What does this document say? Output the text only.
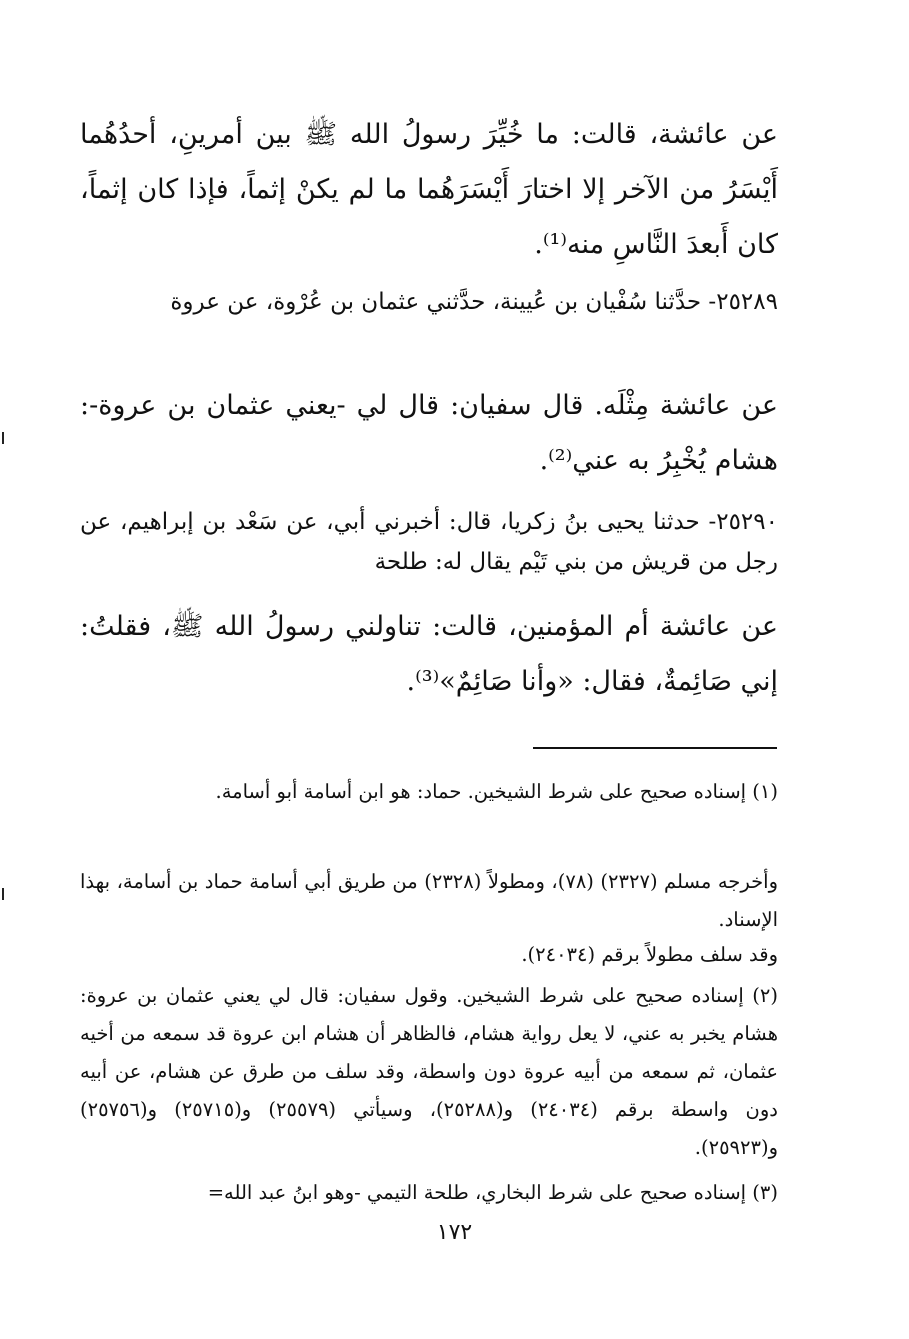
عن عائشة، قالت: ما خُيِّرَ رسولُ الله ﷺ بين أمرينِ، أحدُهُما أَيْسَرُ من الآخر إلا اختارَ أَيْسَرَهُما ما لم يكنْ إثماً، فإذا كان إثماً، كان أَبعدَ النَّاسِ منه⁽¹⁾.
٢٥٢٨٩- حدَّثنا سُفْيان بن عُيينة، حدَّثني عثمان بن عُرْوة، عن عروة
عن عائشة مِثْلَه. قال سفيان: قال لي -يعني عثمان بن عروة-: هشام يُخْبِرُ به عني⁽²⁾.
٢٥٢٩٠- حدثنا يحيى بنُ زكريا، قال: أخبرني أبي، عن سَعْد بن إبراهيم، عن رجل من قريش من بني تَيْم يقال له: طلحة
عن عائشة أم المؤمنين، قالت: تناولني رسولُ الله ﷺ، فقلتُ: إني صَائِمةٌ، فقال: «وأنا صَائِمٌ»⁽³⁾.
(١) إسناده صحيح على شرط الشيخين. حماد: هو ابن أسامة أبو أسامة.
وأخرجه مسلم (٢٣٢٧) (٧٨)، ومطولاً (٢٣٢٨) من طريق أبي أسامة حماد بن أسامة، بهذا الإسناد.
وقد سلف مطولاً برقم (٢٤٠٣٤).
(٢) إسناده صحيح على شرط الشيخين. وقول سفيان: قال لي يعني عثمان بن عروة: هشام يخبر به عني، لا يعل رواية هشام، فالظاهر أن هشام ابن عروة قد سمعه من أخيه عثمان، ثم سمعه من أبيه عروة دون واسطة، وقد سلف من طرق عن هشام، عن أبيه دون واسطة برقم (٢٤٠٣٤) و(٢٥٢٨٨)، وسيأتي (٢٥٥٧٩) و(٢٥٧١٥) و(٢٥٧٥٦) و(٢٥٩٢٣).
(٣) إسناده صحيح على شرط البخاري، طلحة التيمي -وهو ابنُ عبد الله=
١٧٢
